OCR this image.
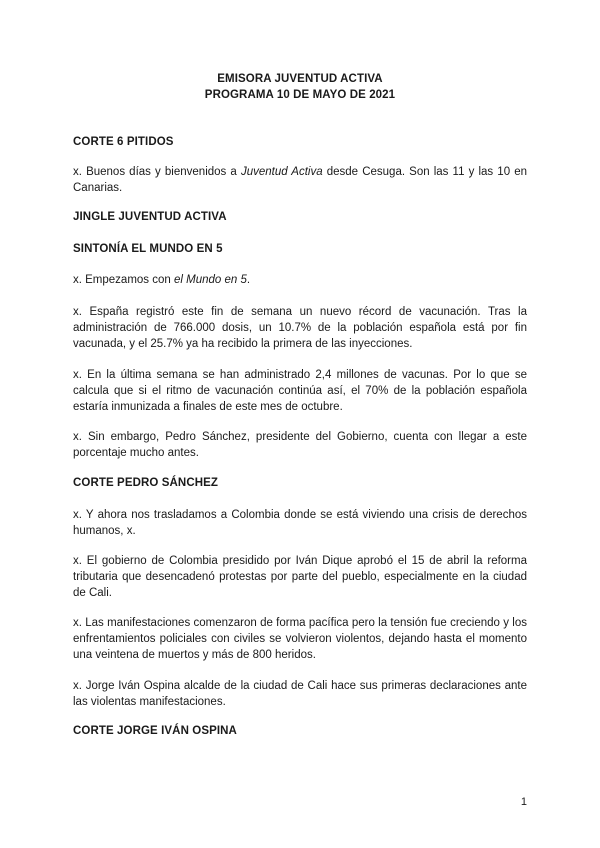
EMISORA JUVENTUD ACTIVA
PROGRAMA 10 DE MAYO DE 2021
CORTE 6 PITIDOS

x. Buenos días y bienvenidos a Juventud Activa desde Cesuga. Son las 11 y las 10 en Canarias.

JINGLE JUVENTUD ACTIVA
SINTONÍA EL MUNDO EN 5

x. Empezamos con el Mundo en 5.

x. España registró este fin de semana un nuevo récord de vacunación. Tras la administración de 766.000 dosis, un 10.7% de la población española está por fin vacunada, y el 25.7% ya ha recibido la primera de las inyecciones.

x. En la última semana se han administrado 2,4 millones de vacunas. Por lo que se calcula que si el ritmo de vacunación continúa así, el 70% de la población española estaría inmunizada a finales de este mes de octubre.

x. Sin embargo, Pedro Sánchez, presidente del Gobierno, cuenta con llegar a este porcentaje mucho antes.

CORTE PEDRO SÁNCHEZ

x. Y ahora nos trasladamos a Colombia donde se está viviendo una crisis de derechos humanos, x.

x. El gobierno de Colombia presidido por Iván Dique aprobó el 15 de abril la reforma tributaria que desencadenó protestas por parte del pueblo, especialmente en la ciudad de Cali.

x. Las manifestaciones comenzaron de forma pacífica pero la tensión fue creciendo y los enfrentamientos policiales con civiles se volvieron violentos, dejando hasta el momento una veintena de muertos y más de 800 heridos.

x. Jorge Iván Ospina alcalde de la ciudad de Cali hace sus primeras declaraciones ante las violentas manifestaciones.

CORTE JORGE IVÁN OSPINA
1
